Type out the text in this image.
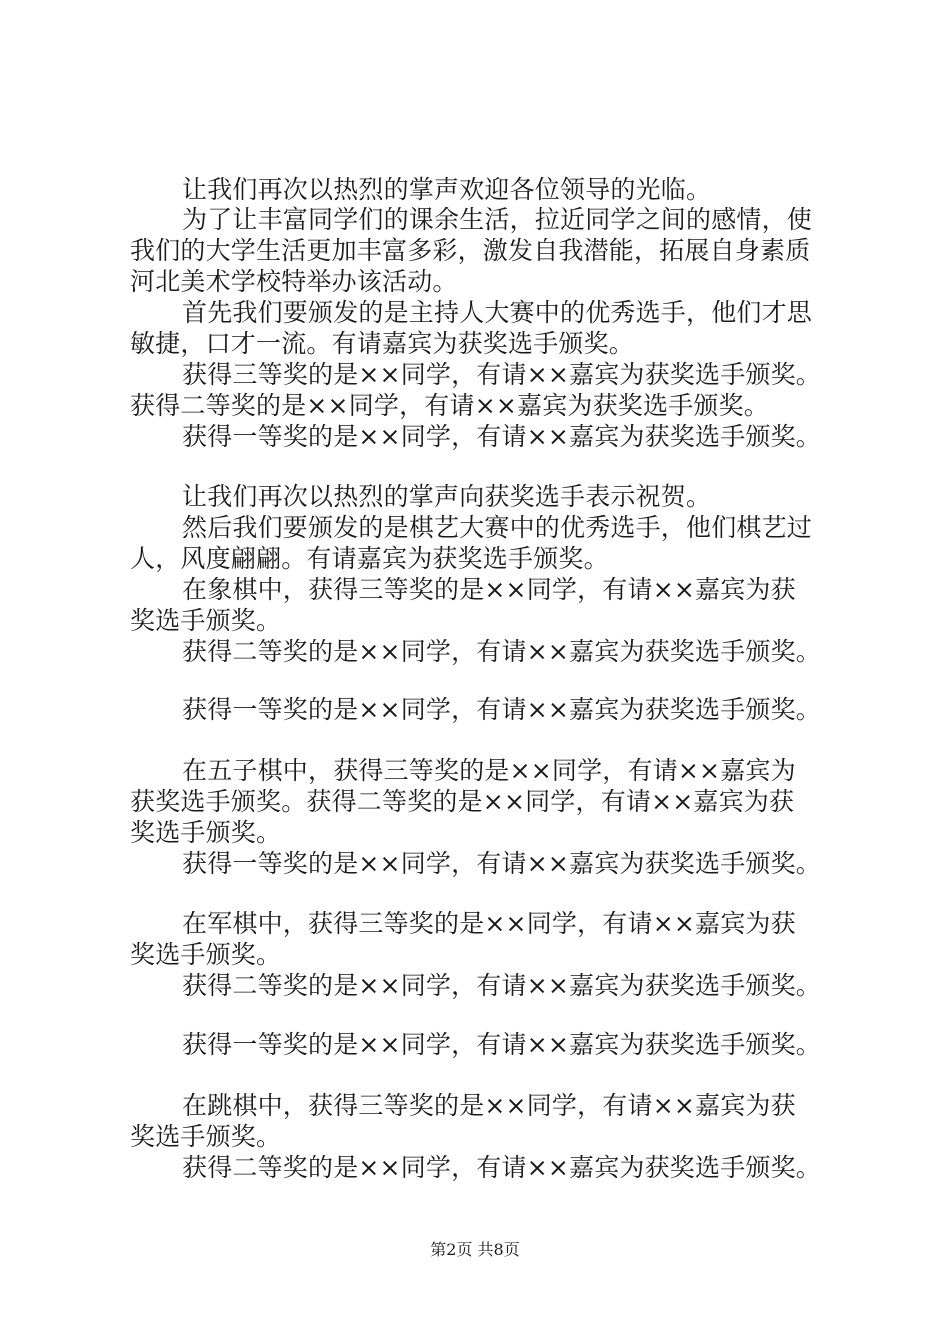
让我们再次以热烈的掌声欢迎各位领导的光临。
为了让丰富同学们的课余生活，拉近同学之间的感情，使
我们的大学生活更加丰富多彩，激发自我潜能，拓展自身素质
河北美术学校特举办该活动。
首先我们要颁发的是主持人大赛中的优秀选手，他们才思
敏捷，口才一流。有请嘉宾为获奖选手颁奖。
获得三等奖的是××同学，有请××嘉宾为获奖选手颁奖。
获得二等奖的是××同学，有请××嘉宾为获奖选手颁奖。
获得一等奖的是××同学，有请××嘉宾为获奖选手颁奖。
让我们再次以热烈的掌声向获奖选手表示祝贺。
然后我们要颁发的是棋艺大赛中的优秀选手，他们棋艺过
人，风度翩翩。有请嘉宾为获奖选手颁奖。
在象棋中，获得三等奖的是××同学，有请××嘉宾为获
奖选手颁奖。
获得二等奖的是××同学，有请××嘉宾为获奖选手颁奖。
获得一等奖的是××同学，有请××嘉宾为获奖选手颁奖。
在五子棋中，获得三等奖的是××同学，有请××嘉宾为
获奖选手颁奖。获得二等奖的是××同学，有请××嘉宾为获
奖选手颁奖。
获得一等奖的是××同学，有请××嘉宾为获奖选手颁奖。
在军棋中，获得三等奖的是××同学，有请××嘉宾为获
奖选手颁奖。
获得二等奖的是××同学，有请××嘉宾为获奖选手颁奖。
获得一等奖的是××同学，有请××嘉宾为获奖选手颁奖。
在跳棋中，获得三等奖的是××同学，有请××嘉宾为获
奖选手颁奖。
获得二等奖的是××同学，有请××嘉宾为获奖选手颁奖。
第2页 共8页
